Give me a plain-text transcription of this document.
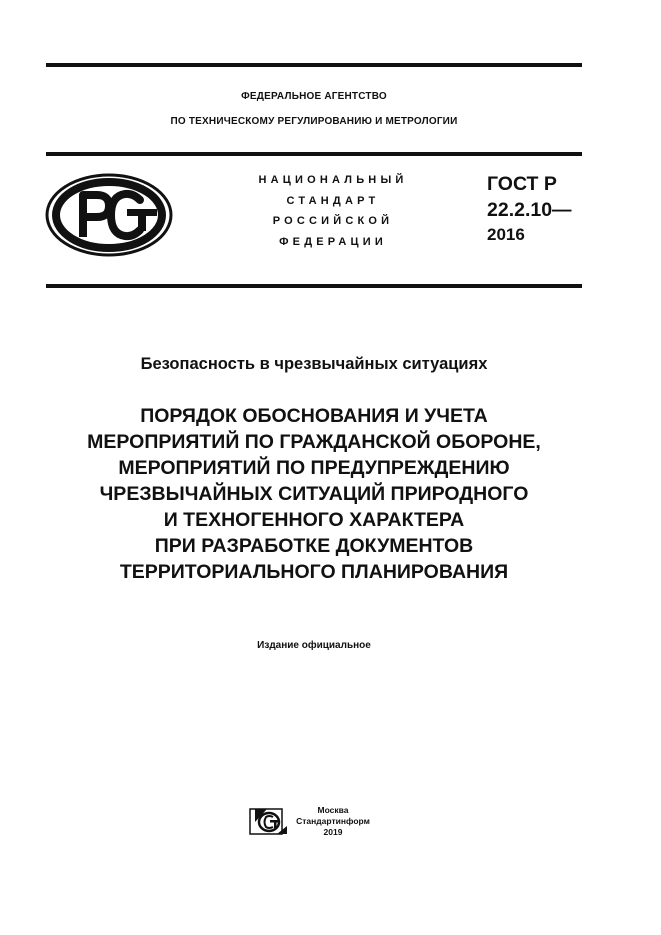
ФЕДЕРАЛЬНОЕ АГЕНТСТВО
ПО ТЕХНИЧЕСКОМУ РЕГУЛИРОВАНИЮ И МЕТРОЛОГИИ
НАЦИОНАЛЬНЫЙ
СТАНДАРТ
РОССИЙСКОЙ
ФЕДЕРАЦИИ
ГОСТ Р
22.2.10—
2016
Безопасность в чрезвычайных ситуациях
ПОРЯДОК ОБОСНОВАНИЯ И УЧЕТА
МЕРОПРИЯТИЙ ПО ГРАЖДАНСКОЙ ОБОРОНЕ,
МЕРОПРИЯТИЙ ПО ПРЕДУПРЕЖДЕНИЮ
ЧРЕЗВЫЧАЙНЫХ СИТУАЦИЙ ПРИРОДНОГО
И ТЕХНОГЕННОГО ХАРАКТЕРА
ПРИ РАЗРАБОТКЕ ДОКУМЕНТОВ
ТЕРРИТОРИАЛЬНОГО ПЛАНИРОВАНИЯ
Издание официальное
Москва
Стандартинформ
2019
